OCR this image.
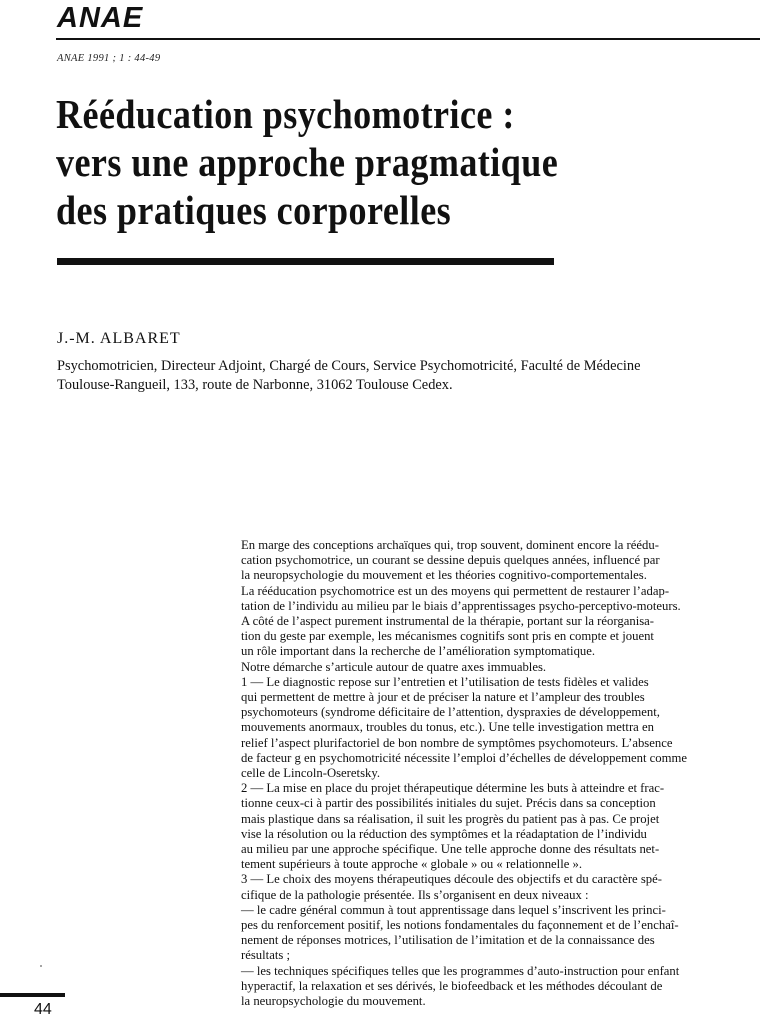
ANAE
ANAE 1991 ; 1 : 44-49
Rééducation psychomotrice :
vers une approche pragmatique
des pratiques corporelles
J.-M. ALBARET
Psychomotricien, Directeur Adjoint, Chargé de Cours, Service Psychomotricité, Faculté de Médecine
Toulouse-Rangueil, 133, route de Narbonne, 31062 Toulouse Cedex.
En marge des conceptions archaïques qui, trop souvent, dominent encore la réédu-
cation psychomotrice, un courant se dessine depuis quelques années, influencé par
la neuropsychologie du mouvement et les théories cognitivo-comportementales.
La rééducation psychomotrice est un des moyens qui permettent de restaurer l’adap-
tation de l’individu au milieu par le biais d’apprentissages psycho-perceptivo-moteurs.
A côté de l’aspect purement instrumental de la thérapie, portant sur la réorganisa-
tion du geste par exemple, les mécanismes cognitifs sont pris en compte et jouent
un rôle important dans la recherche de l’amélioration symptomatique.
Notre démarche s’articule autour de quatre axes immuables.
1 — Le diagnostic repose sur l’entretien et l’utilisation de tests fidèles et valides
qui permettent de mettre à jour et de préciser la nature et l’ampleur des troubles
psychomoteurs (syndrome déficitaire de l’attention, dyspraxies de développement,
mouvements anormaux, troubles du tonus, etc.). Une telle investigation mettra en
relief l’aspect plurifactoriel de bon nombre de symptômes psychomoteurs. L’absence
de facteur g en psychomotricité nécessite l’emploi d’échelles de développement comme
celle de Lincoln-Oseretsky.
2 — La mise en place du projet thérapeutique détermine les buts à atteindre et frac-
tionne ceux-ci à partir des possibilités initiales du sujet. Précis dans sa conception
mais plastique dans sa réalisation, il suit les progrès du patient pas à pas. Ce projet
vise la résolution ou la réduction des symptômes et la réadaptation de l’individu
au milieu par une approche spécifique. Une telle approche donne des résultats net-
tement supérieurs à toute approche « globale » ou « relationnelle ».
3 — Le choix des moyens thérapeutiques découle des objectifs et du caractère spé-
cifique de la pathologie présentée. Ils s’organisent en deux niveaux :
— le cadre général commun à tout apprentissage dans lequel s’inscrivent les princi-
pes du renforcement positif, les notions fondamentales du façonnement et de l’enchaî-
nement de réponses motrices, l’utilisation de l’imitation et de la connaissance des
résultats ;
— les techniques spécifiques telles que les programmes d’auto-instruction pour enfant
hyperactif, la relaxation et ses dérivés, le biofeedback et les méthodes découlant de
la neuropsychologie du mouvement.
44
